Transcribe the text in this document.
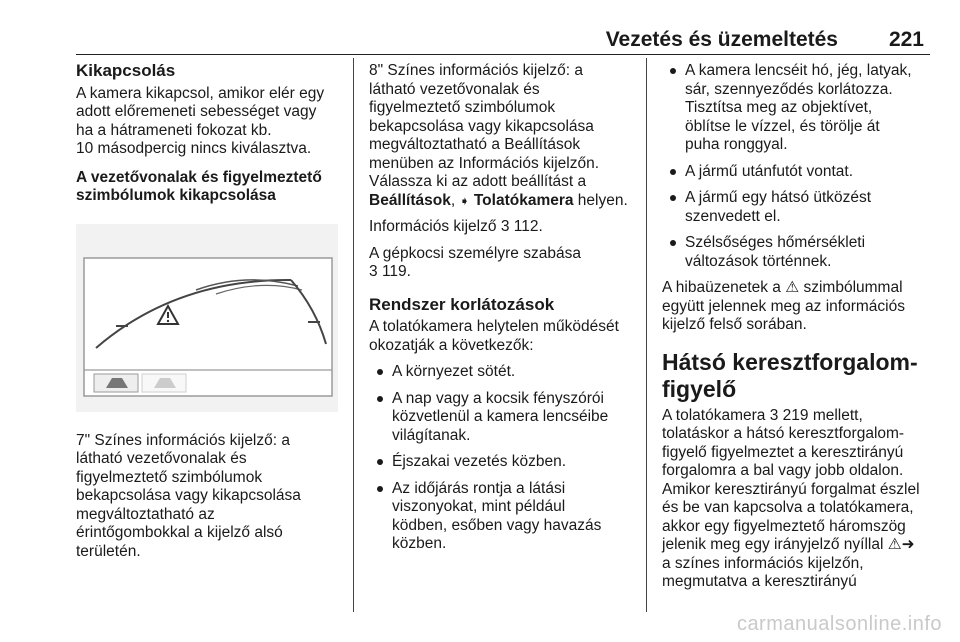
Vezetés és üzemeltetés 221

Kikapcsolás

A kamera kikapcsol, amikor elér egy
adott előremeneti sebességet vagy
ha a hátrameneti fokozat kb.
10 másodpercig nincs kiválasztva.

A vezetővonalak és figyelmeztető
szimbólumok kikapcsolása

7" Színes információs kijelző: a
látható vezetővonalak és
figyelmeztető szimbólumok
bekapcsolása vagy kikapcsolása
megváltoztatható az
érintőgombokkal a kijelző alsó
területén.

8" Színes információs kijelző: a
látható vezetővonalak és
figyelmeztető szimbólumok
bekapcsolása vagy kikapcsolása
megváltoztatható a Beállítások
menüben az Információs kijelzőn.
Válassza ki az adott beállítást a
Beállítások, ➧ Tolatókamera helyen.

Információs kijelző 3 112.

A gépkocsi személyre szabása
3 119.

Rendszer korlátozások

A tolatókamera helytelen működését
okozatják a következők:

A környezet sötét.
A nap vagy a kocsik fényszórói
közvetlenül a kamera lencséibe
világítanak.
Éjszakai vezetés közben.
Az időjárás rontja a látási
viszonyokat, mint például
ködben, esőben vagy havazás
közben.
A kamera lencséit hó, jég, latyak,
sár, szennyeződés korlátozza.
Tisztítsa meg az objektívet,
öblítse le vízzel, és törölje át
puha ronggyal.
A jármű utánfutót vontat.
A jármű egy hátsó ütközést
szenvedett el.
Szélsőséges hőmérsékleti
változások történnek.

A hibaüzenetek a ⚠ szimbólummal
együtt jelennek meg az információs
kijelző felső sorában.

Hátsó keresztforgalom-
figyelő

A tolatókamera 3 219 mellett,
tolatáskor a hátsó keresztforgalom-
figyelő figyelmeztet a keresztirányú
forgalomra a bal vagy jobb oldalon.
Amikor keresztirányú forgalmat észlel
és be van kapcsolva a tolatókamera,
akkor egy figyelmeztető háromszög
jelenik meg egy irányjelző nyíllal ⚠➜
a színes információs kijelzőn,
megmutatva a keresztirányú

carmanualsonline.info
